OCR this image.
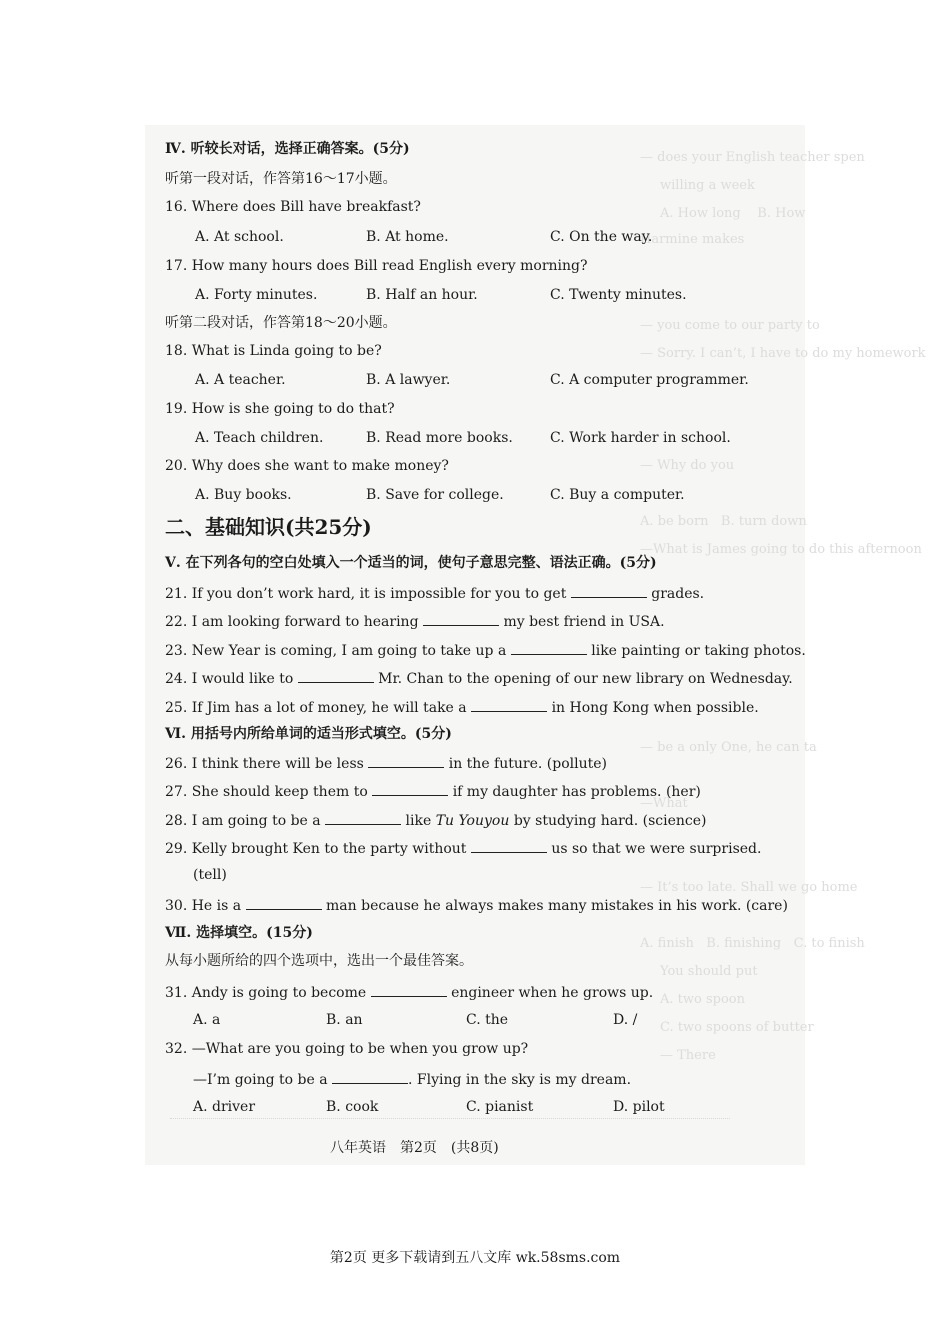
— does your English teacher spen
willing a week
A. How long    B. How
Harmine makes
— you come to our party to
— Sorry. I can’t, I have to do my homework
— Why do you
A. be born   B. turn down
—What is James going to do this afternoon
— be a only One, he can ta
—What
— It’s too late. Shall we go home
A. finish   B. finishing   C. to finish
You should put
A. two spoon
C. two spoons of butter
— There
Ⅳ. 听较长对话，选择正确答案。(5分)
听第一段对话，作答第16～17小题。
16. Where does Bill have breakfast?
A. At school.	B. At home.	C. On the way.
17. How many hours does Bill read English every morning?
A. Forty minutes.	B. Half an hour.	C. Twenty minutes.
听第二段对话，作答第18～20小题。
18. What is Linda going to be?
A. A teacher.	B. A lawyer.	C. A computer programmer.
19. How is she going to do that?
A. Teach children.	B. Read more books.	C. Work harder in school.
20. Why does she want to make money?
A. Buy books.	B. Save for college.	C. Buy a computer.
二、基础知识(共25分)
Ⅴ. 在下列各句的空白处填入一个适当的词，使句子意思完整、语法正确。(5分)
21. If you don’t work hard, it is impossible for you to get	grades.
22. I am looking forward to hearing	my best friend in USA.
23. New Year is coming, I am going to take up a	like painting or taking photos.
24. I would like to	Mr. Chan to the opening of our new library on Wednesday.
25. If Jim has a lot of money, he will take a	in Hong Kong when possible.
Ⅵ. 用括号内所给单词的适当形式填空。(5分)
26. I think there will be less	in the future. (pollute)
27. She should keep them to	if my daughter has problems. (her)
28. I am going to be a	like Tu Youyou by studying hard. (science)
29. Kelly brought Ken to the party without	us so that we were surprised.
(tell)
30. He is a	man because he always makes many mistakes in his work. (care)
Ⅶ. 选择填空。(15分)
从每小题所给的四个选项中，选出一个最佳答案。
31. Andy is going to become	engineer when he grows up.
A. a	B. an	C. the	D. /
32. —What are you going to be when you grow up?
—I’m going to be a	. Flying in the sky is my dream.
A. driver	B. cook	C. pianist	D. pilot
八年英语　第2页　(共8页)
第2页 更多下载请到五八文库 wk.58sms.com
